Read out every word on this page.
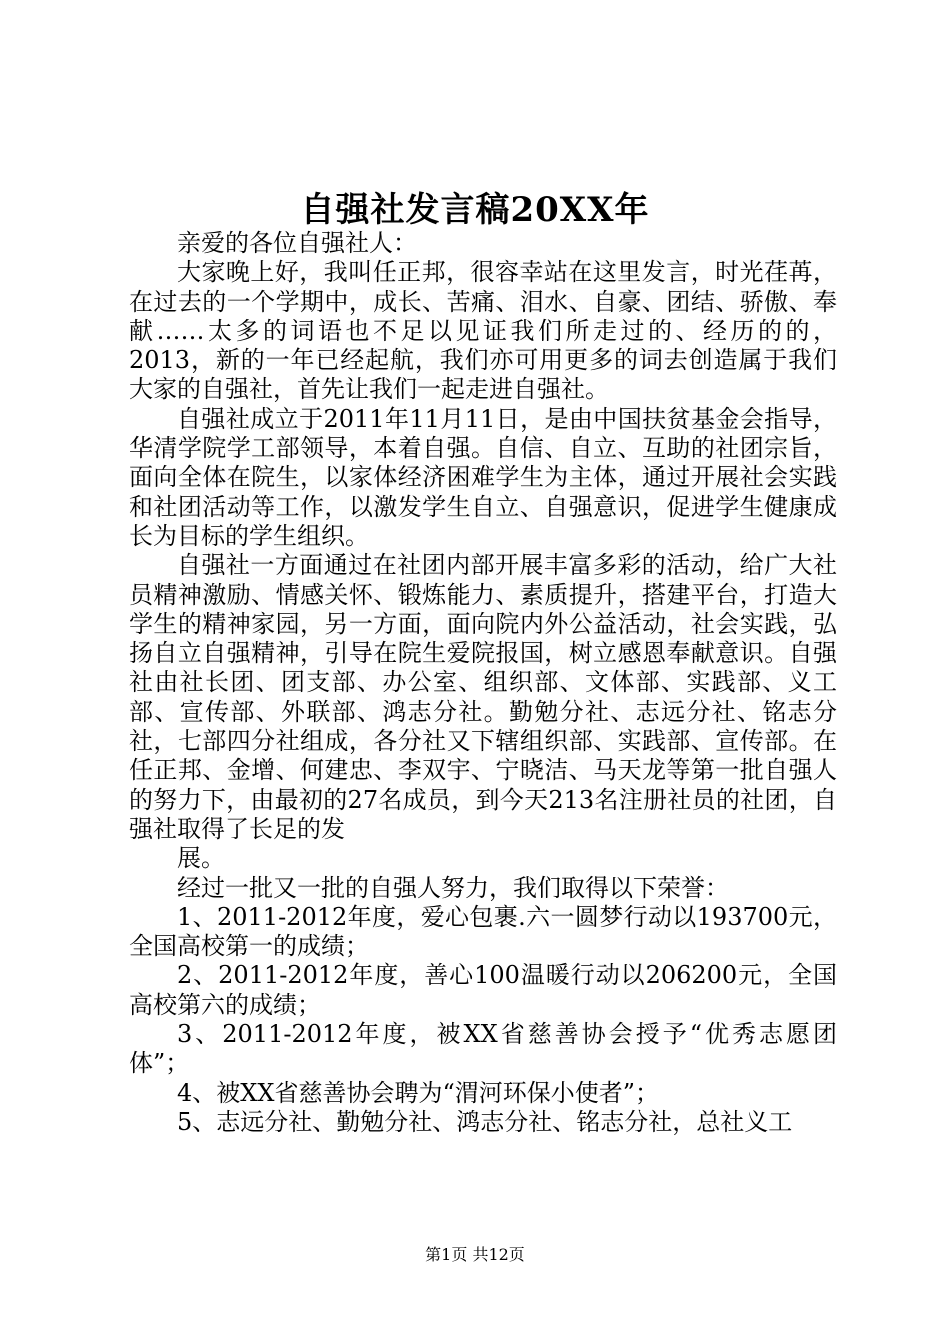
自强社发言稿20XX年

亲爱的各位自强社人：

大家晚上好，我叫任正邦，很容幸站在这里发言，时光荏苒，在过去的一个学期中，成长、苦痛、泪水、自豪、团结、骄傲、奉献……太多的词语也不足以见证我们所走过的、经历的的，2013，新的一年已经起航，我们亦可用更多的词去创造属于我们大家的自强社，首先让我们一起走进自强社。

自强社成立于2011年11月11日，是由中国扶贫基金会指导，华清学院学工部领导，本着自强。自信、自立、互助的社团宗旨，面向全体在院生，以家体经济困难学生为主体，通过开展社会实践和社团活动等工作，以激发学生自立、自强意识，促进学生健康成长为目标的学生组织。

自强社一方面通过在社团内部开展丰富多彩的活动，给广大社员精神激励、情感关怀、锻炼能力、素质提升，搭建平台，打造大学生的精神家园，另一方面，面向院内外公益活动，社会实践，弘扬自立自强精神，引导在院生爱院报国，树立感恩奉献意识。自强社由社长团、团支部、办公室、组织部、文体部、实践部、义工部、宣传部、外联部、鸿志分社。勤勉分社、志远分社、铭志分社，七部四分社组成，各分社又下辖组织部、实践部、宣传部。在任正邦、金增、何建忠、李双宇、宁晓洁、马天龙等第一批自强人的努力下，由最初的27名成员，到今天213名注册社员的社团，自强社取得了长足的发

展。

经过一批又一批的自强人努力，我们取得以下荣誉：

1、2011-2012年度，爱心包裹.六一圆梦行动以193700元，全国高校第一的成绩；

2、2011-2012年度，善心100温暖行动以206200元，全国高校第六的成绩；

3、2011-2012年度，被XX省慈善协会授予“优秀志愿团体”；

4、被XX省慈善协会聘为“渭河环保小使者”；

5、志远分社、勤勉分社、鸿志分社、铭志分社，总社义工

第1页 共12页
